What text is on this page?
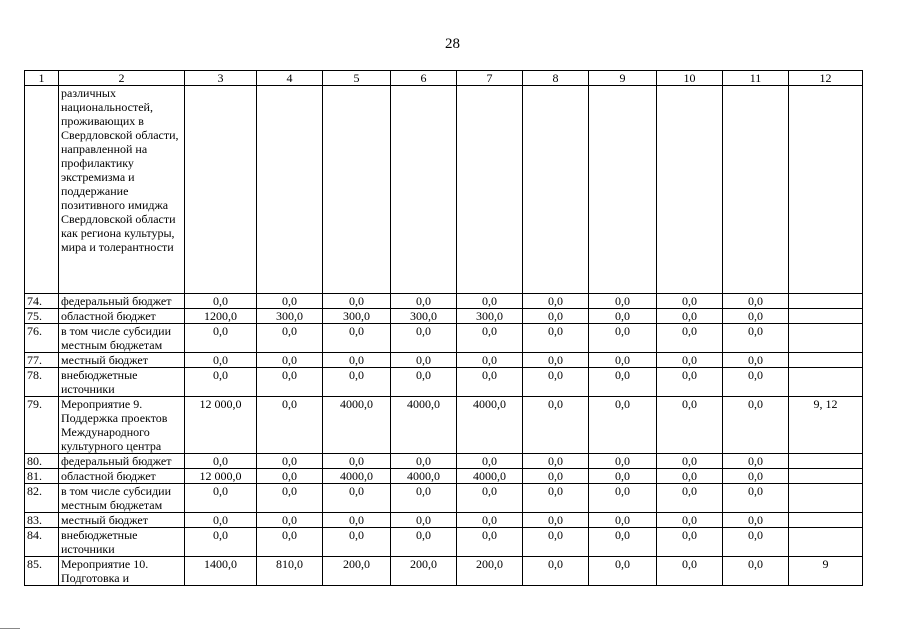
28
1	2	3	4	5	6	7	8	9	10	11	12
	различных национальностей, проживающих в Свердловской области, направленной на профилактику экстремизма и поддержание позитивного имиджа Свердловской области как региона культуры, мира и толерантности										
74.	федеральный бюджет	0,0	0,0	0,0	0,0	0,0	0,0	0,0	0,0	0,0	
75.	областной бюджет	1200,0	300,0	300,0	300,0	300,0	0,0	0,0	0,0	0,0	
76.	в том числе субсидии местным бюджетам	0,0	0,0	0,0	0,0	0,0	0,0	0,0	0,0	0,0	
77.	местный бюджет	0,0	0,0	0,0	0,0	0,0	0,0	0,0	0,0	0,0	
78.	внебюджетные источники	0,0	0,0	0,0	0,0	0,0	0,0	0,0	0,0	0,0	
79.	Мероприятие 9. Поддержка проектов Международного культурного центра	12 000,0	0,0	4000,0	4000,0	4000,0	0,0	0,0	0,0	0,0	9, 12
80.	федеральный бюджет	0,0	0,0	0,0	0,0	0,0	0,0	0,0	0,0	0,0	
81.	областной бюджет	12 000,0	0,0	4000,0	4000,0	4000,0	0,0	0,0	0,0	0,0	
82.	в том числе субсидии местным бюджетам	0,0	0,0	0,0	0,0	0,0	0,0	0,0	0,0	0,0	
83.	местный бюджет	0,0	0,0	0,0	0,0	0,0	0,0	0,0	0,0	0,0	
84.	внебюджетные источники	0,0	0,0	0,0	0,0	0,0	0,0	0,0	0,0	0,0	
85.	Мероприятие 10. Подготовка и	1400,0	810,0	200,0	200,0	200,0	0,0	0,0	0,0	0,0	9
